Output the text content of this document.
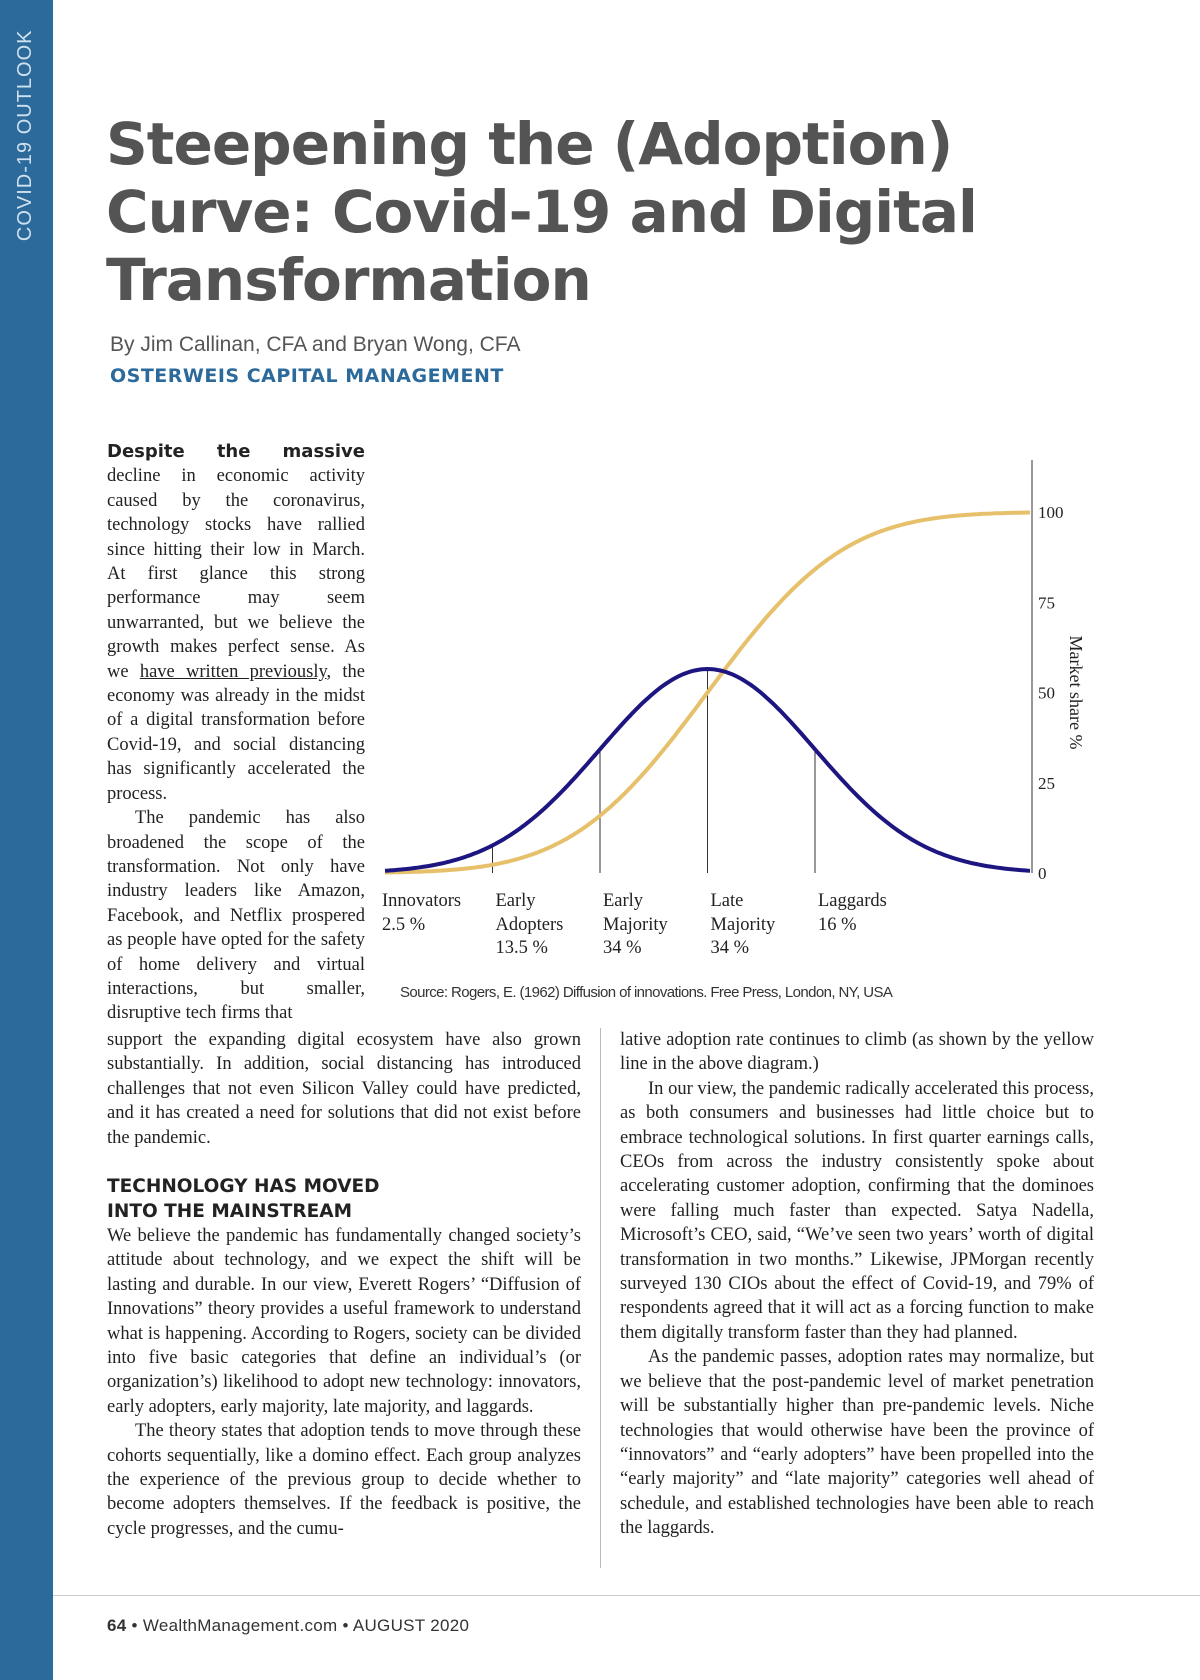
COVID-19 OUTLOOK Steepening the (Adoption) Curve: Covid-19 and Digital Transformation
By Jim Callinan, CFA and Bryan Wong, CFA
OSTERWEIS CAPITAL MANAGEMENT

Despite the massive decline in economic activity caused by the coronavirus, technology stocks have rallied since hitting their low in March. At first glance this strong performance may seem unwarranted, but we believe the growth makes perfect sense. As we have written previously, the economy was already in the midst of a digital transformation before Covid-19, and social distancing has significantly accelerated the process.

The pandemic has also broadened the scope of the transformation. Not only have industry leaders like Amazon, Facebook, and Netflix prospered as people have opted for the safety of home delivery and virtual interactions, but smaller, disruptive tech firms that

0
25
50
75
100
Market share %
Innovators
2.5 %
Early
Adopters
13.5 %
Early
Majority
34 %
Late
Majority
34 %
Laggards
16 %
Source: Rogers, E. (1962) Diffusion of innovations. Free Press, London, NY, USA

support the expanding digital ecosystem have also grown substantially. In addition, social distancing has introduced challenges that not even Silicon Valley could have predicted, and it has created a need for solutions that did not exist before the pandemic.

TECHNOLOGY HAS MOVED
INTO THE MAINSTREAM

We believe the pandemic has fundamentally changed society’s attitude about technology, and we expect the shift will be lasting and durable. In our view, Everett Rogers’ “Diffusion of Innovations” theory provides a useful framework to understand what is happening. According to Rogers, society can be divided into five basic categories that define an individual’s (or organization’s) likelihood to adopt new technology: innovators, early adopters, early majority, late majority, and laggards.

The theory states that adoption tends to move through these cohorts sequentially, like a domino effect. Each group analyzes the experience of the previous group to decide whether to become adopters themselves. If the feedback is positive, the cycle progresses, and the cumu-

lative adoption rate continues to climb (as shown by the yellow line in the above diagram.)

In our view, the pandemic radically accelerated this process, as both consumers and businesses had little choice but to embrace technological solutions. In first quarter earnings calls, CEOs from across the industry consistently spoke about accelerating customer adoption, confirming that the dominoes were falling much faster than expected. Satya Nadella, Microsoft’s CEO, said, “We’ve seen two years’ worth of digital transformation in two months.” Likewise, JPMorgan recently surveyed 130 CIOs about the effect of Covid-19, and 79% of respondents agreed that it will act as a forcing function to make them digitally transform faster than they had planned.

As the pandemic passes, adoption rates may normalize, but we believe that the post-pandemic level of market penetration will be substantially higher than pre-pandemic levels. Niche technologies that would otherwise have been the province of “innovators” and “early adopters” have been propelled into the “early majority” and “late majority” categories well ahead of schedule, and established technologies have been able to reach the laggards.

64 • WealthManagement.com • AUGUST 2020
